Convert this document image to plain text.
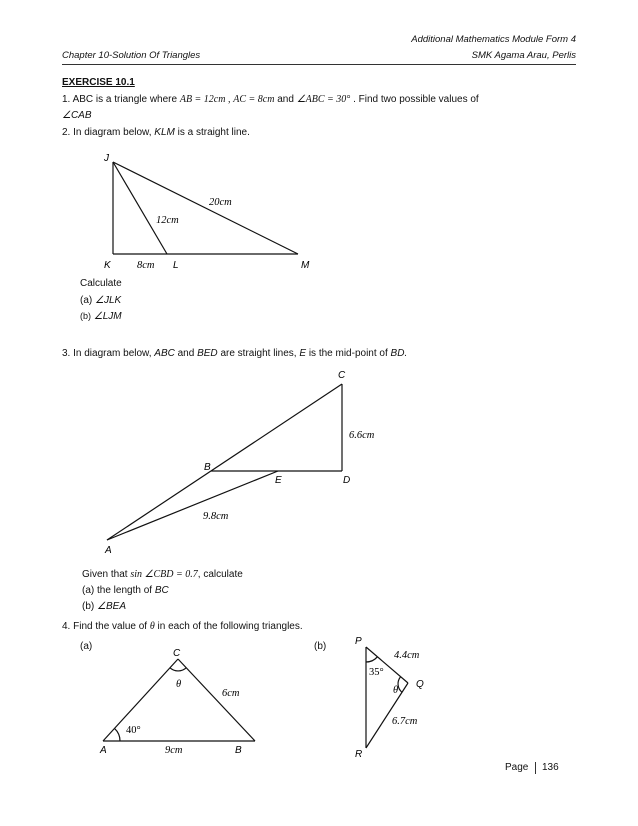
Additional Mathematics Module Form 4
Chapter 10-Solution Of Triangles	SMK Agama Arau, Perlis
EXERCISE 10.1
1. ABC is a triangle where AB = 12cm , AC = 8cm and ∠ABC = 30° . Find two possible values of
∠CAB
2. In diagram below, KLM is a straight line.
J
K	L	M
20cm
12cm
8cm
Calculate
(a) ∠JLK
(b) ∠LJM
3. In diagram below, ABC and BED are straight lines, E is the mid-point of BD.
C
B
E	D
A
6.6cm
9.8cm
Given that sin ∠CBD = 0.7, calculate
(a) the length of BC
(b) ∠BEA
4. Find the value of θ in each of the following triangles.
(a)	(b)
C
A	B
40°
θ
6cm
9cm
P
Q
R
35°
θ
4.4cm
6.7cm
Page 136
